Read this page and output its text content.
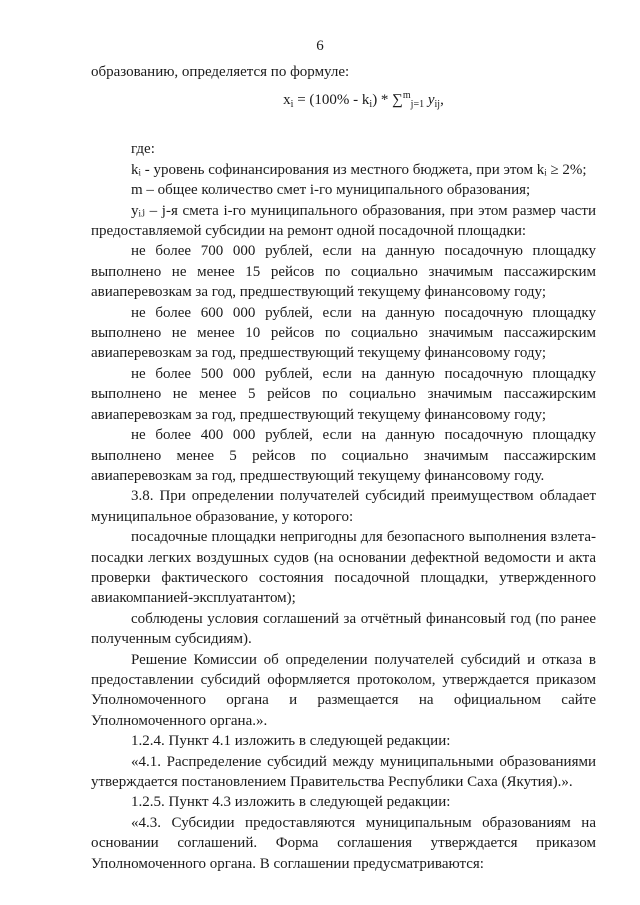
6

образованию, определяется по формуле:

$x_i = (100\% - k_i) * \sum^m_{j=1}$ $y_{ij}$,

где:

kᵢ - уровень софинансирования из местного бюджета, при этом kᵢ ≥ 2%;

m – общее количество смет i-го муниципального образования;

yᵢⱼ – j-я смета i-го муниципального образования, при этом размер части предоставляемой субсидии на ремонт одной посадочной площадки:

не более 700 000 рублей, если на данную посадочную площадку выполнено не менее 15 рейсов по социально значимым пассажирским авиаперевозкам за год, предшествующий текущему финансовому году;

не более 600 000 рублей, если на данную посадочную площадку выполнено не менее 10 рейсов по социально значимым пассажирским авиаперевозкам за год, предшествующий текущему финансовому году;

не более 500 000 рублей, если на данную посадочную площадку выполнено не менее 5 рейсов по социально значимым пассажирским авиаперевозкам за год, предшествующий текущему финансовому году;

не более 400 000 рублей, если на данную посадочную площадку выполнено менее 5 рейсов по социально значимым пассажирским авиаперевозкам за год, предшествующий текущему финансовому году.

3.8. При определении получателей субсидий преимуществом обладает муниципальное образование, у которого:

посадочные площадки непригодны для безопасного выполнения взлета-посадки легких воздушных судов (на основании дефектной ведомости и акта проверки фактического состояния посадочной площадки, утвержденного авиакомпанией-эксплуатантом);

соблюдены условия соглашений за отчётный финансовый год (по ранее полученным субсидиям).

Решение Комиссии об определении получателей субсидий и отказа в предоставлении субсидий оформляется протоколом, утверждается приказом Уполномоченного органа и размещается на официальном сайте Уполномоченного органа.».

1.2.4. Пункт 4.1 изложить в следующей редакции:

«4.1. Распределение субсидий между муниципальными образованиями утверждается постановлением Правительства Республики Саха (Якутия).».

1.2.5. Пункт 4.3 изложить в следующей редакции:

«4.3. Субсидии предоставляются муниципальным образованиям на основании соглашений. Форма соглашения утверждается приказом Уполномоченного органа. В соглашении предусматриваются:
